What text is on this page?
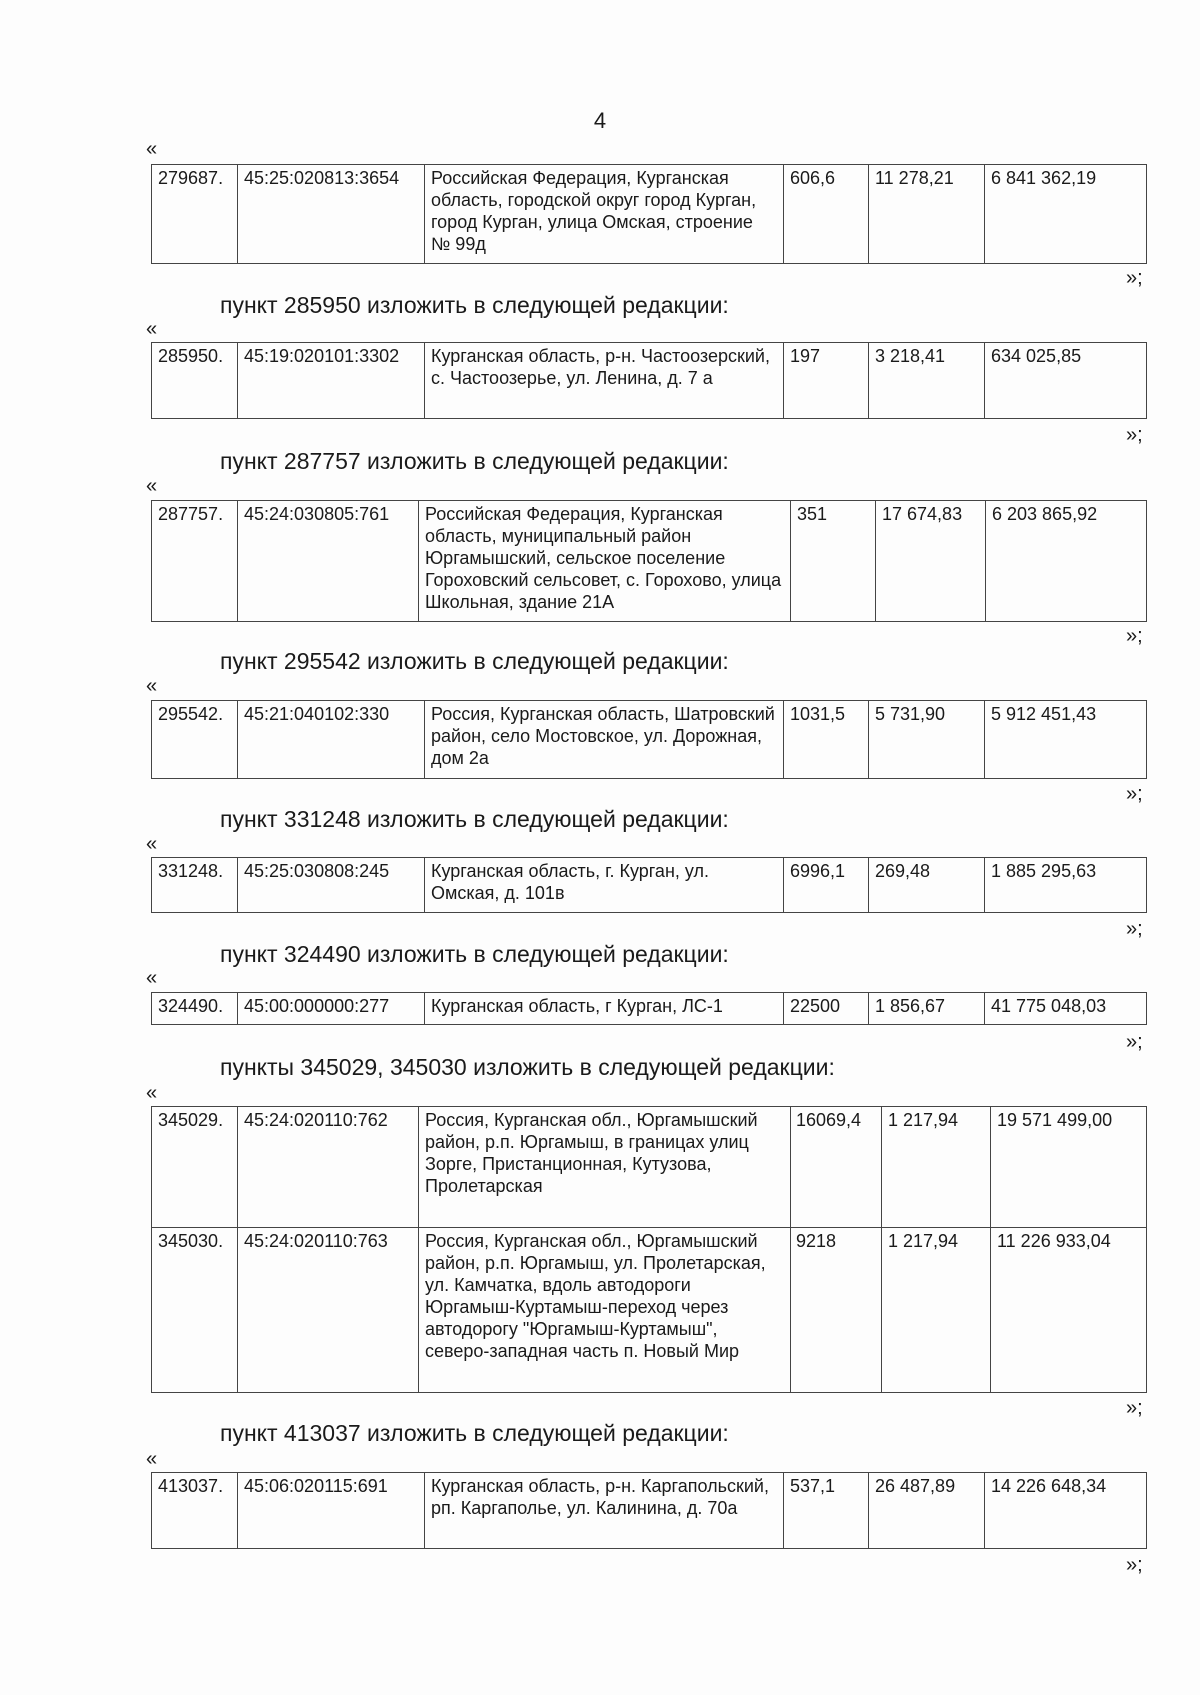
4
«
279687.	45:25:020813:3654	Российская Федерация, Курганская область, городской округ город Курган, город Курган, улица Омская, строение № 99д	606,6	11 278,21	6 841 362,19
»;
пункт 285950 изложить в следующей редакции:
«
285950.	45:19:020101:3302	Курганская область, р-н. Частоозерский, с. Частоозерье, ул. Ленина, д. 7 а	197	3 218,41	634 025,85
»;
пункт 287757 изложить в следующей редакции:
«
287757.	45:24:030805:761	Российская Федерация, Курганская область, муниципальный район Юргамышский, сельское поселение Гороховский сельсовет, с. Горохово, улица Школьная, здание 21А	351	17 674,83	6 203 865,92
»;
пункт 295542 изложить в следующей редакции:
«
295542.	45:21:040102:330	Россия, Курганская область, Шатровский район, село Мостовское, ул. Дорожная, дом 2а	1031,5	5 731,90	5 912 451,43
»;
пункт 331248 изложить в следующей редакции:
«
331248.	45:25:030808:245	Курганская область, г. Курган, ул. Омская, д. 101в	6996,1	269,48	1 885 295,63
»;
пункт 324490 изложить в следующей редакции:
«
324490.	45:00:000000:277	Курганская область, г Курган, ЛС-1	22500	1 856,67	41 775 048,03
»;
пункты 345029, 345030 изложить в следующей редакции:
«
345029.	45:24:020110:762	Россия, Курганская обл., Юргамышский район, р.п. Юргамыш, в границах улиц Зорге, Пристанционная, Кутузова, Пролетарская	16069,4	1 217,94	19 571 499,00
345030.	45:24:020110:763	Россия, Курганская обл., Юргамышский район, р.п. Юргамыш, ул. Пролетарская, ул. Камчатка, вдоль автодороги Юргамыш-Куртамыш-переход через автодорогу "Юргамыш-Куртамыш", северо-западная часть п. Новый Мир	9218	1 217,94	11 226 933,04
»;
пункт 413037 изложить в следующей редакции:
«
413037.	45:06:020115:691	Курганская область, р-н. Каргапольский, рп. Каргаполье, ул. Калинина, д. 70а	537,1	26 487,89	14 226 648,34
»;
